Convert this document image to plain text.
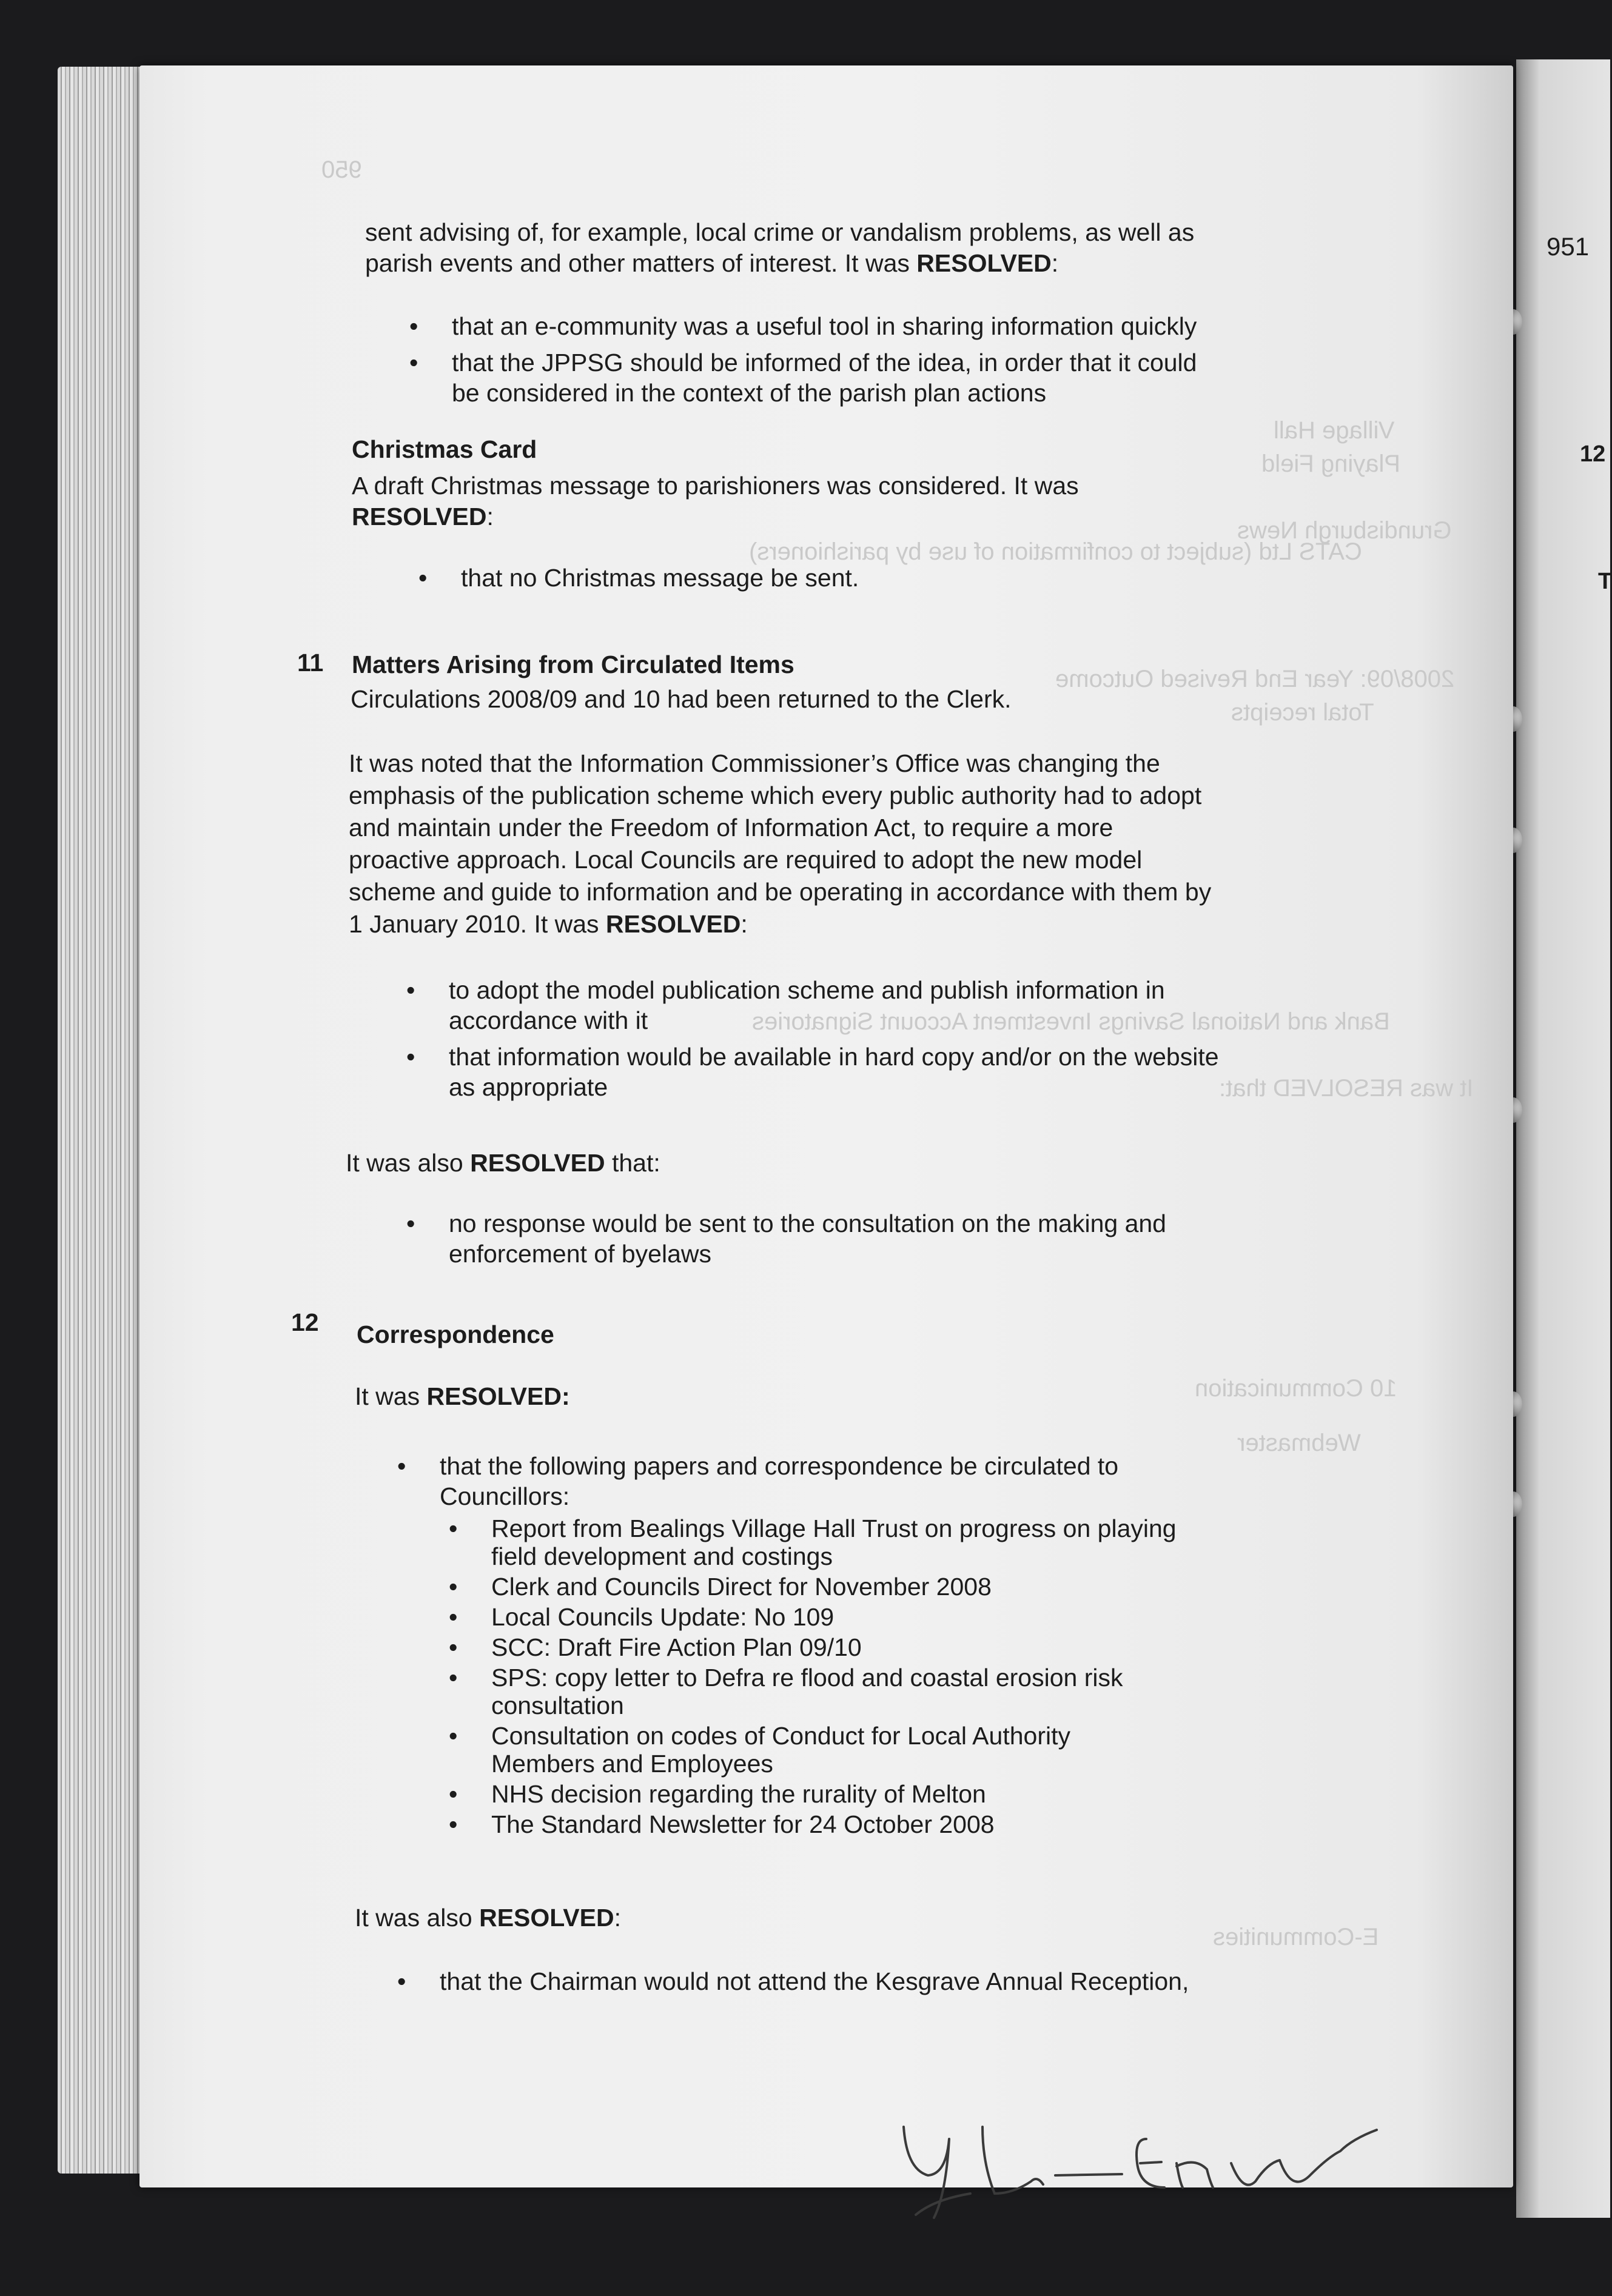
12
T
950
Village Hall
Playing Field
Grundisburgh News
CATS Ltd (subject to confirmation of use by parishioners)
2008/09: Year End Revised Outcome
Total receipts
Bank and National Savings Investment Account Signatories
It was RESOLVED that:
10 Communication
Webmaster
E-Communities
951
sent advising of, for example, local crime or vandalism problems, as well as
parish events and other matters of interest. It was RESOLVED:
• that an e-community was a useful tool in sharing information quickly
• that the JPPSG should be informed of the idea, in order that it could
be considered in the context of the parish plan actions
Christmas Card
A draft Christmas message to parishioners was considered. It was
RESOLVED:
• that no Christmas message be sent.
11 Matters Arising from Circulated Items
Circulations 2008/09 and 10 had been returned to the Clerk.
It was noted that the Information Commissioner’s Office was changing the
emphasis of the publication scheme which every public authority had to adopt
and maintain under the Freedom of Information Act, to require a more
proactive approach. Local Councils are required to adopt the new model
scheme and guide to information and be operating in accordance with them by
1 January 2010. It was RESOLVED:
• to adopt the model publication scheme and publish information in
accordance with it
• that information would be available in hard copy and/or on the website
as appropriate
It was also RESOLVED that:
• no response would be sent to the consultation on the making and
enforcement of byelaws
12 Correspondence
It was RESOLVED:
• that the following papers and correspondence be circulated to
Councillors:
• Report from Bealings Village Hall Trust on progress on playing
field development and costings
• Clerk and Councils Direct for November 2008
• Local Councils Update: No 109
• SCC: Draft Fire Action Plan 09/10
• SPS: copy letter to Defra re flood and coastal erosion risk
consultation
• Consultation on codes of Conduct for Local Authority
Members and Employees
• NHS decision regarding the rurality of Melton
• The Standard Newsletter for 24 October 2008
It was also RESOLVED:
• that the Chairman would not attend the Kesgrave Annual Reception,
